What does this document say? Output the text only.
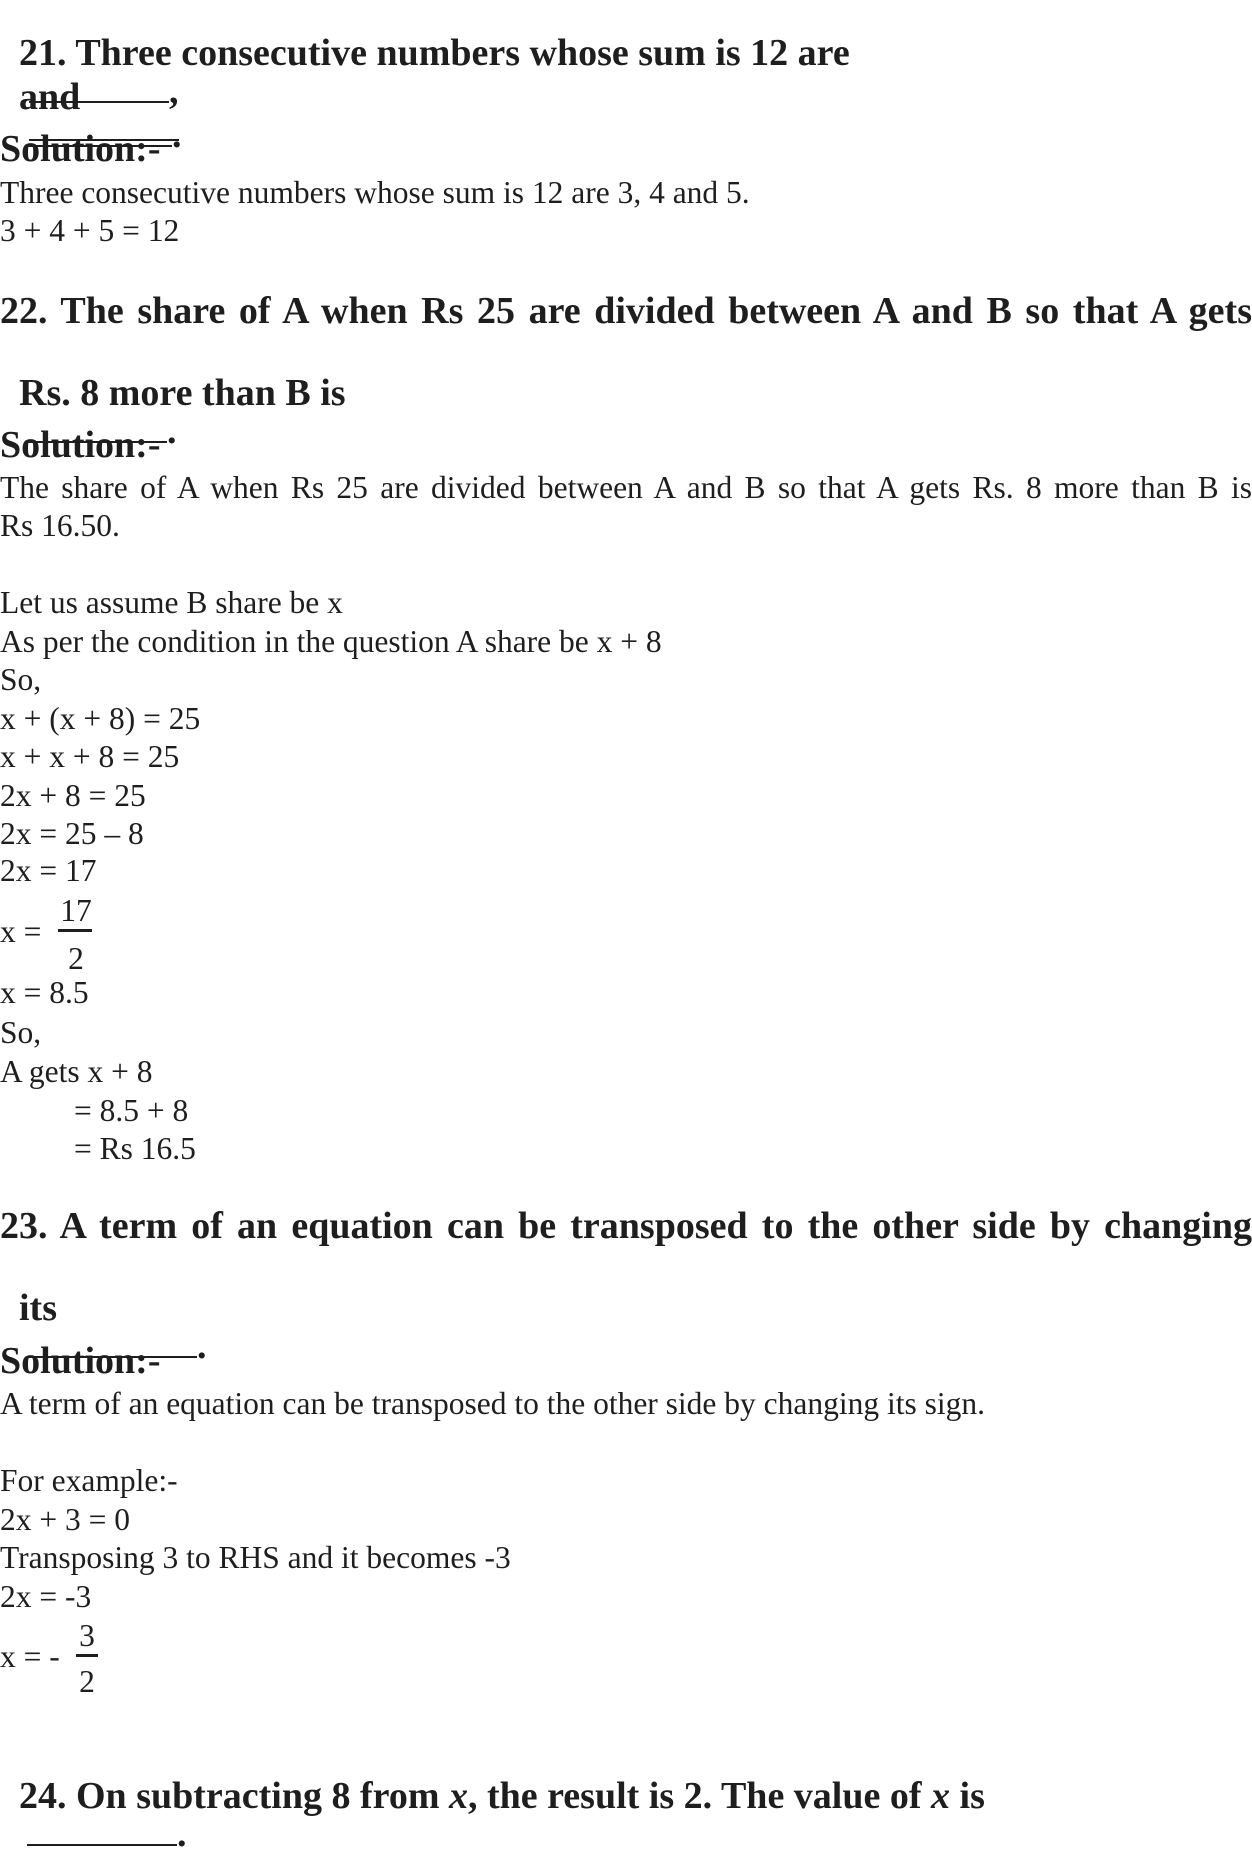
21. Three consecutive numbers whose sum is 12 are
,

and
.

Solution:-
Three consecutive numbers whose sum is 12 are 3, 4 and 5.
3 + 4 + 5 = 12
22. The share of A when Rs 25 are divided between A and B so that A gets

Rs. 8 more than B is
.

Solution:-
The share of A when Rs 25 are divided between A and B so that A gets Rs. 8 more than B is
Rs 16.50.
Let us assume B share be x
As per the condition in the question A share be x + 8
So,
x + (x + 8) = 25
x + x + 8 = 25
2x + 8 = 25
2x = 25 – 8
2x = 17
x =
17
2
x = 8.5
So,
A gets x + 8
= 8.5 + 8
= Rs 16.5
23. A term of an equation can be transposed to the other side by changing

its
.

Solution:-
A term of an equation can be transposed to the other side by changing its sign.
For example:-
2x + 3 = 0
Transposing 3 to RHS and it becomes -3
2x = -3
x = -
3
2

24. On subtracting 8 from x, the result is 2. The value of x is
.
